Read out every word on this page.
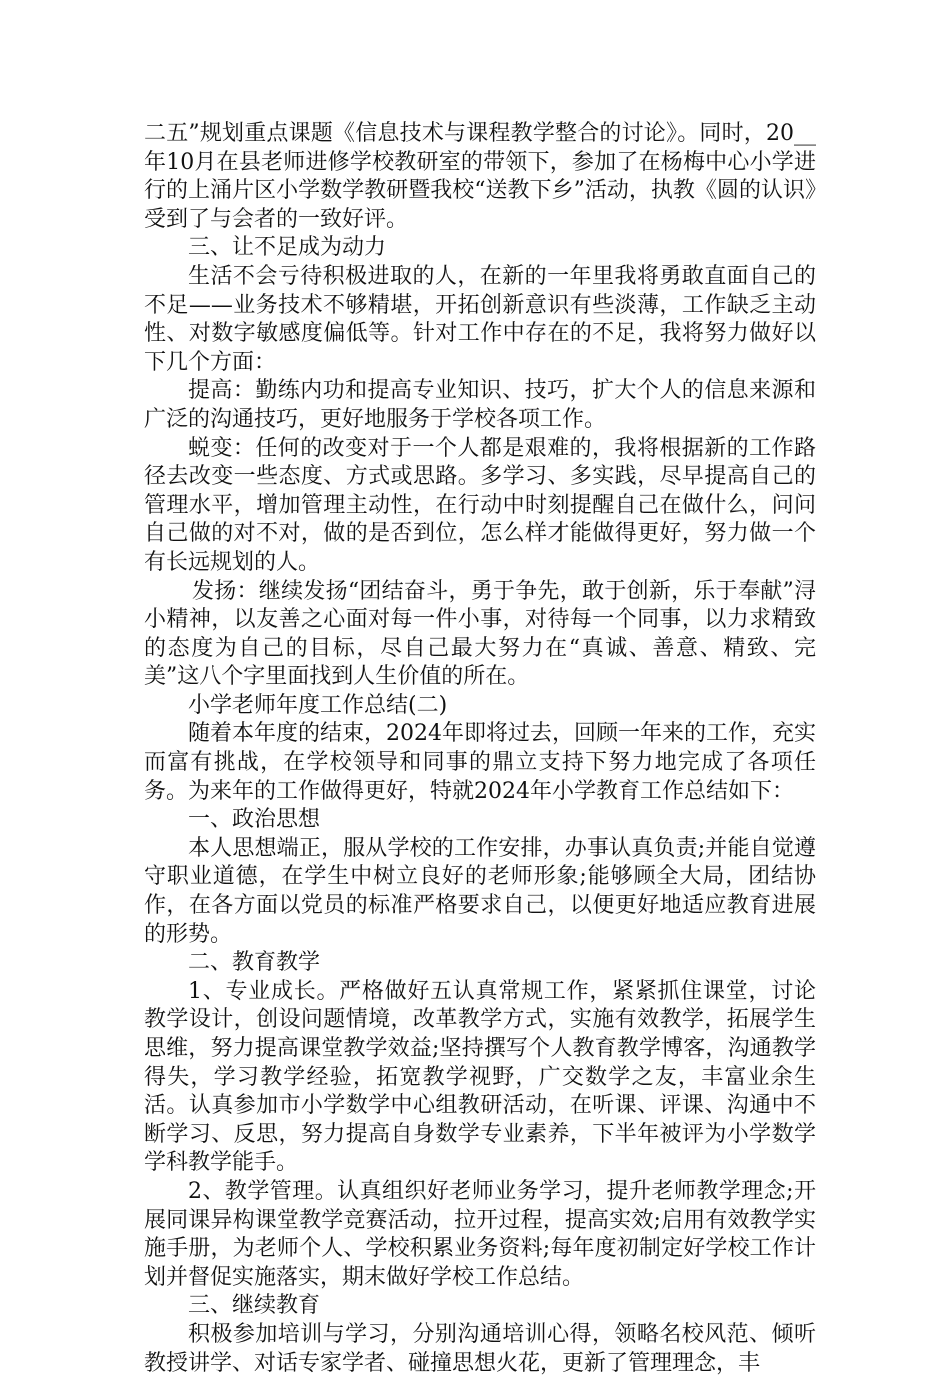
二五”规划重点课题《信息技术与课程教学整合的讨论》。同时，20__年10月在县老师进修学校教研室的带领下，参加了在杨梅中心小学进行的上涌片区小学数学教研暨我校“送教下乡”活动，执教《圆的认识》受到了与会者的一致好评。

三、让不足成为动力

生活不会亏待积极进取的人，在新的一年里我将勇敢直面自己的不足——业务技术不够精堪，开拓创新意识有些淡薄，工作缺乏主动性、对数字敏感度偏低等。针对工作中存在的不足，我将努力做好以下几个方面：

提高：勤练内功和提高专业知识、技巧，扩大个人的信息来源和广泛的沟通技巧，更好地服务于学校各项工作。

蜕变：任何的改变对于一个人都是艰难的，我将根据新的工作路径去改变一些态度、方式或思路。多学习、多实践，尽早提高自己的管理水平，增加管理主动性，在行动中时刻提醒自己在做什么，问问自己做的对不对，做的是否到位，怎么样才能做得更好，努力做一个有长远规划的人。

发扬：继续发扬“团结奋斗，勇于争先，敢于创新，乐于奉献”浔小精神，以友善之心面对每一件小事，对待每一个同事，以力求精致的态度为自己的目标，尽自己最大努力在“真诚、善意、精致、完美”这八个字里面找到人生价值的所在。

小学老师年度工作总结(二)

随着本年度的结束，2024年即将过去，回顾一年来的工作，充实而富有挑战，在学校领导和同事的鼎立支持下努力地完成了各项任务。为来年的工作做得更好，特就2024年小学教育工作总结如下：

一、政治思想

本人思想端正，服从学校的工作安排，办事认真负责;并能自觉遵守职业道德，在学生中树立良好的老师形象;能够顾全大局，团结协作，在各方面以党员的标准严格要求自己，以便更好地适应教育进展的形势。

二、教育教学

1、专业成长。严格做好五认真常规工作，紧紧抓住课堂，讨论教学设计，创设问题情境，改革教学方式，实施有效教学，拓展学生思维，努力提高课堂教学效益;坚持撰写个人教育教学博客，沟通教学得失，学习教学经验，拓宽教学视野，广交数学之友，丰富业余生活。认真参加市小学数学中心组教研活动，在听课、评课、沟通中不断学习、反思，努力提高自身数学专业素养，下半年被评为小学数学学科教学能手。

2、教学管理。认真组织好老师业务学习，提升老师教学理念;开展同课异构课堂教学竞赛活动，拉开过程，提高实效;启用有效教学实施手册，为老师个人、学校积累业务资料;每年度初制定好学校工作计划并督促实施落实，期末做好学校工作总结。

三、继续教育

积极参加培训与学习，分别沟通培训心得，领略名校风范、倾听教授讲学、对话专家学者、碰撞思想火花，更新了管理理念，丰
